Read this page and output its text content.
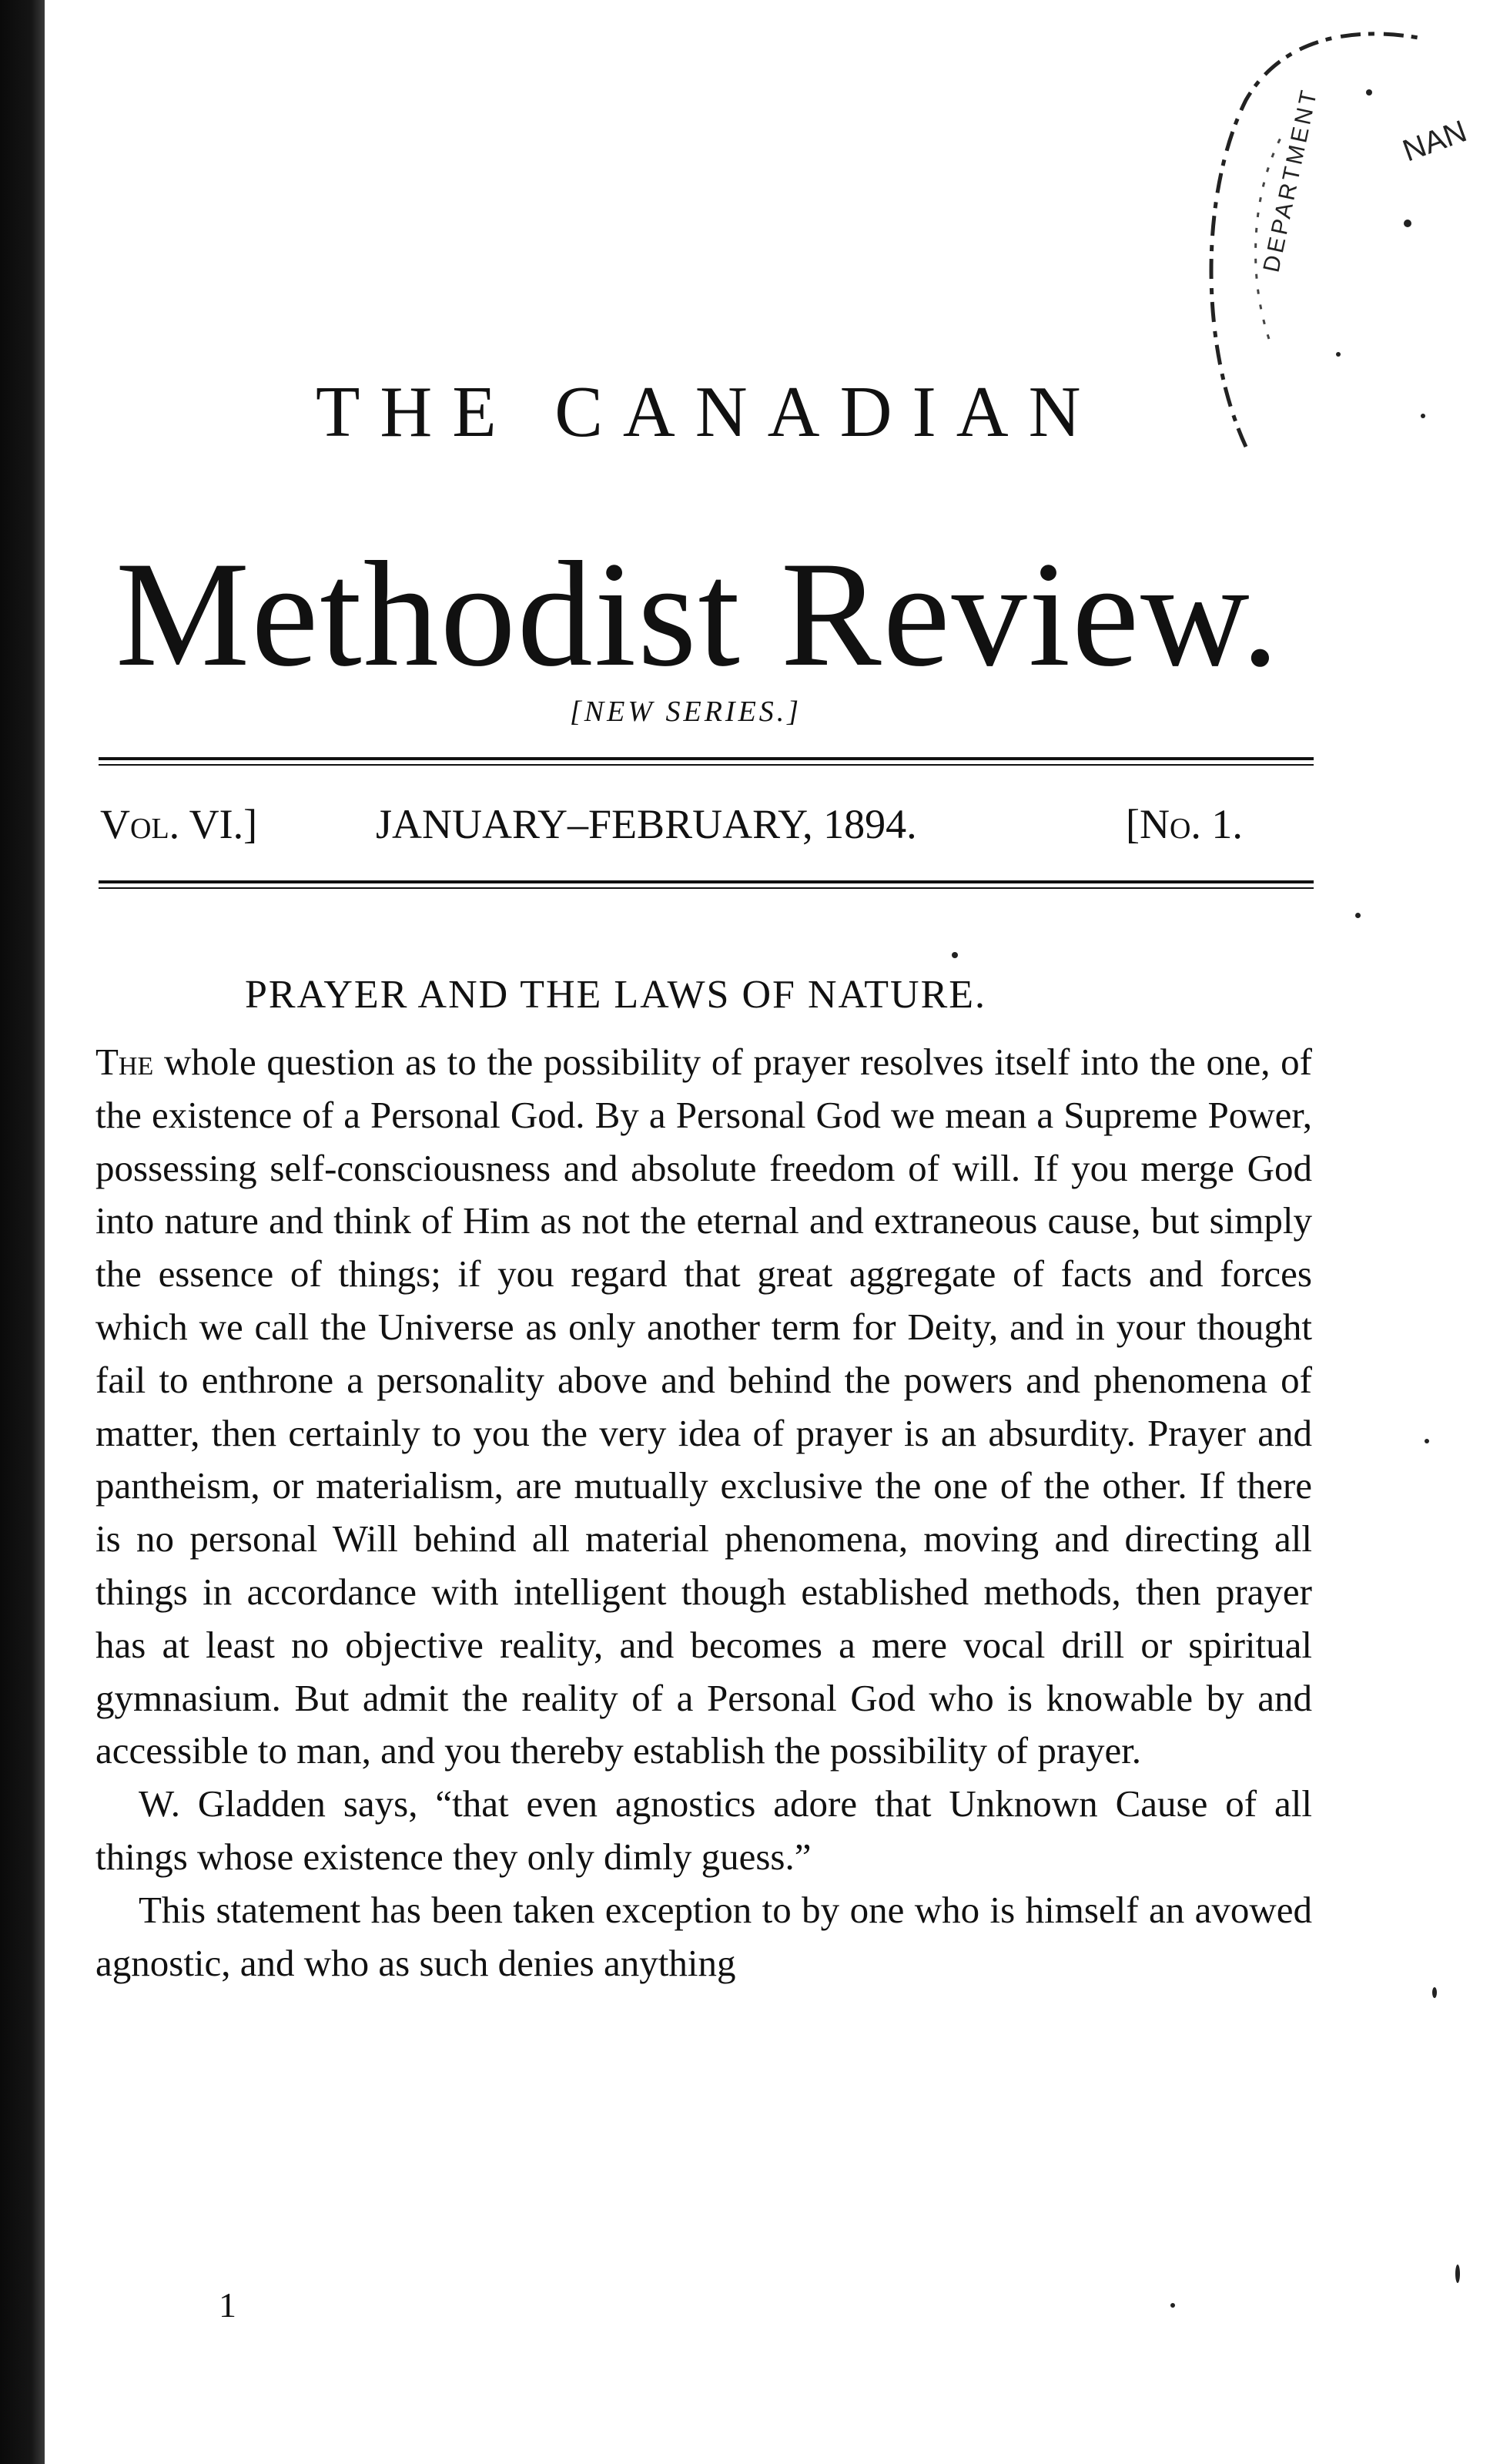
DEPARTMENT NAN
THE CANADIAN
Methodist Review.
[NEW SERIES.]
Vol. VI.]	JANUARY–FEBRUARY, 1894.	[No. 1.
PRAYER AND THE LAWS OF NATURE.

The whole question as to the possibility of prayer resolves itself into the one, of the existence of a Personal God. By a Personal God we mean a Supreme Power, possessing self-consciousness and absolute freedom of will. If you merge God into nature and think of Him as not the eternal and extraneous cause, but simply the essence of things; if you regard that great aggregate of facts and forces which we call the Universe as only another term for Deity, and in your thought fail to enthrone a personality above and behind the powers and phenomena of matter, then certainly to you the very idea of prayer is an absurdity. Prayer and pantheism, or materialism, are mutually exclusive the one of the other. If there is no personal Will behind all material phenomena, moving and directing all things in accordance with intelligent though established methods, then prayer has at least no objective reality, and becomes a mere vocal drill or spiritual gymnasium. But admit the reality of a Personal God who is knowable by and accessible to man, and you thereby establish the possibility of prayer.

W. Gladden says, “that even agnostics adore that Unknown Cause of all things whose existence they only dimly guess.”

This statement has been taken exception to by one who is himself an avowed agnostic, and who as such denies anything

1
